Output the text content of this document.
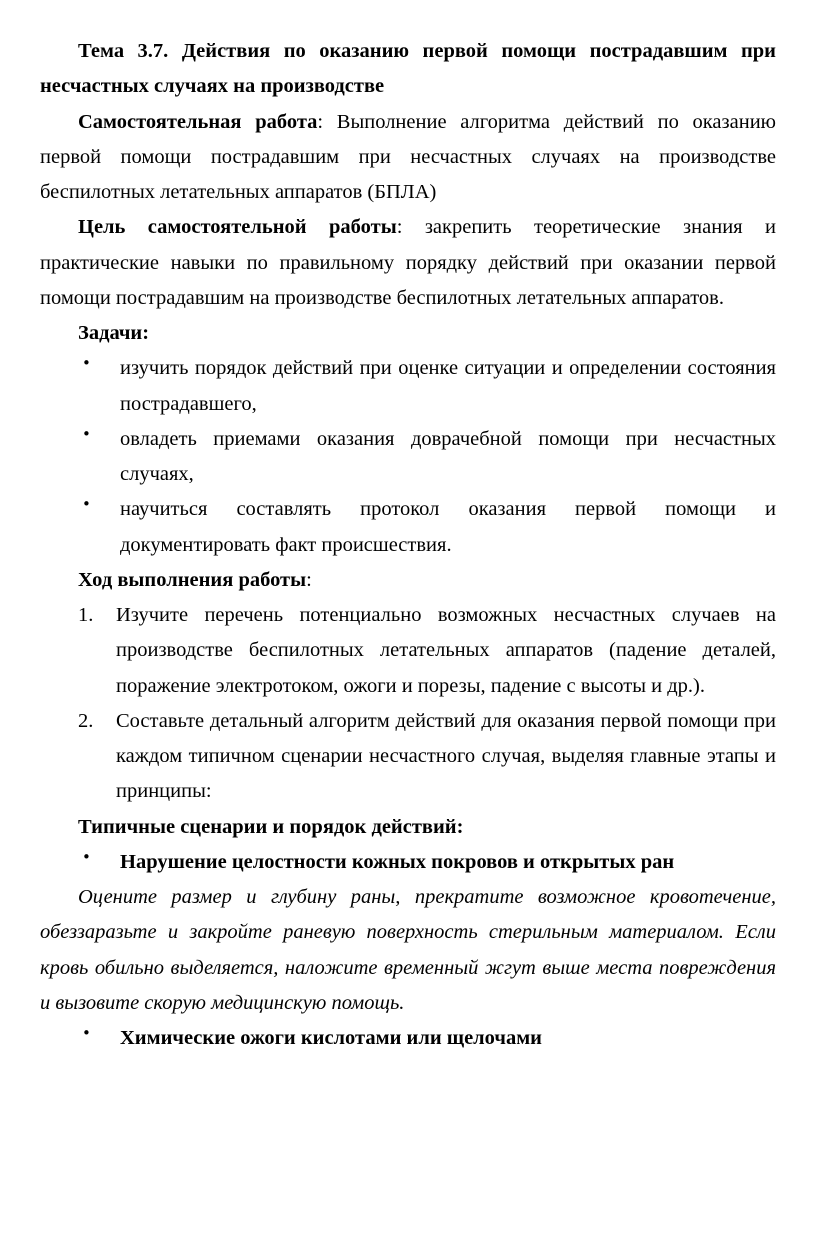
Тема 3.7. Действия по оказанию первой помощи пострадавшим при несчастных случаях на производстве

Самостоятельная работа: Выполнение алгоритма действий по оказанию первой помощи пострадавшим при несчастных случаях на производстве беспилотных летательных аппаратов (БПЛА)

Цель самостоятельной работы: закрепить теоретические знания и практические навыки по правильному порядку действий при оказании первой помощи пострадавшим на производстве беспилотных летательных аппаратов.

Задачи:

•	изучить порядок действий при оценке ситуации и определении состояния пострадавшего,
•	овладеть приемами оказания доврачебной помощи при несчастных случаях,
•	научиться составлять протокол оказания первой помощи и документировать факт происшествия.

Ход выполнения работы:

1.	Изучите перечень потенциально возможных несчастных случаев на производстве беспилотных летательных аппаратов (падение деталей, поражение электротоком, ожоги и порезы, падение с высоты и др.).
2.	Составьте детальный алгоритм действий для оказания первой помощи при каждом типичном сценарии несчастного случая, выделяя главные этапы и принципы:

Типичные сценарии и порядок действий:

•	Нарушение целостности кожных покровов и открытых ран

Оцените размер и глубину раны, прекратите возможное кровотечение, обеззаразьте и закройте раневую поверхность стерильным материалом. Если кровь обильно выделяется, наложите временный жгут выше места повреждения и вызовите скорую медицинскую помощь.

•	Химические ожоги кислотами или щелочами
